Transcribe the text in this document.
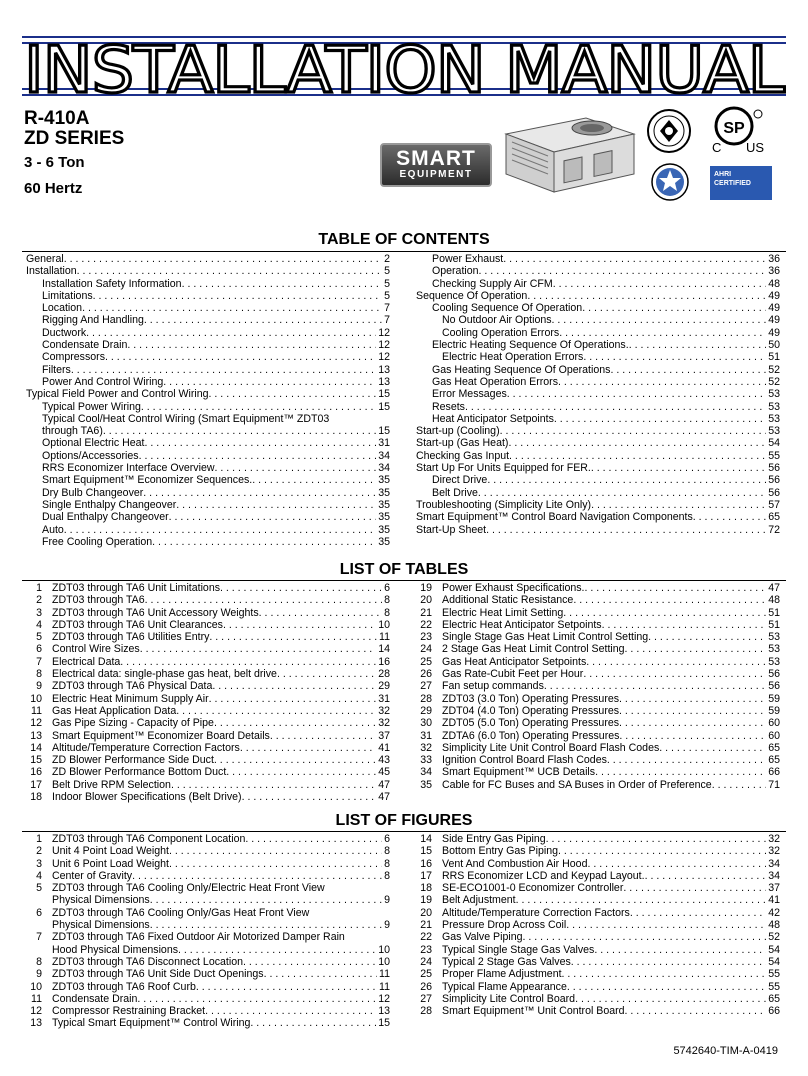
INSTALLATION MANUAL
R-410A
ZD SERIES
3 - 6 Ton
60 Hertz
SMART
EQUIPMENT
SP
C US
AHRI CERTIFIED
TABLE OF CONTENTS
General . . .	2
Installation . . .	5
Installation Safety Information . . .	5
Limitations . . .	5
Location . . .	7
Rigging And Handling . . .	7
Ductwork . . .	12
Condensate Drain . . .	12
Compressors . . .	12
Filters . . .	13
Power And Control Wiring . . .	13
Typical Field Power and Control Wiring . . .	15
Typical Power Wiring . . .	15
Typical Cool/Heat Control Wiring (Smart Equipment™ ZDT03
through TA6) . . .	15
Optional Electric Heat . . .	31
Options/Accessories . . .	34
RRS Economizer Interface Overview . . .	34
Smart Equipment™ Economizer Sequences. . . .	35
Dry Bulb Changeover . . .	35
Single Enthalpy Changeover . . .	35
Dual Enthalpy Changeover . . .	35
Auto . . .	35
Free Cooling Operation . . .	35
Power Exhaust . . .	36
Operation . . .	36
Checking Supply Air CFM . . .	48
Sequence Of Operation . . .	49
Cooling Sequence Of Operation . . .	49
No Outdoor Air Options . . .	49
Cooling Operation Errors . . .	49
Electric Heating Sequence Of Operations. . . .	50
Electric Heat Operation Errors . . .	51
Gas Heating Sequence Of Operations . . .	52
Gas Heat Operation Errors . . .	52
Error Messages . . .	53
Resets . . .	53
Heat Anticipator Setpoints . . .	53
Start-up (Cooling) . . .	53
Start-up (Gas Heat) . . .	54
Checking Gas Input . . .	55
Start Up For Units Equipped for FER. . . .	56
Direct Drive . . .	56
Belt Drive . . .	56
Troubleshooting (Simplicity Lite Only) . . .	57
Smart Equipment™ Control Board Navigation Components . . .	65
Start-Up Sheet . . .	72
LIST OF TABLES
1 ZDT03 through TA6 Unit Limitations . . .	6
2 ZDT03 through TA6 . . .	8
3 ZDT03 through TA6 Unit Accessory Weights . . .	8
4 ZDT03 through TA6 Unit Clearances . . .	10
5 ZDT03 through TA6 Utilities Entry . . .	11
6 Control Wire Sizes . . .	14
7 Electrical Data . . .	16
8 Electrical data: single-phase gas heat, belt drive . . .	28
9 ZDT03 through TA6 Physical Data . . .	29
10 Electric Heat Minimum Supply Air . . .	31
11 Gas Heat Application Data . . .	32
12 Gas Pipe Sizing - Capacity of Pipe . . .	32
13 Smart Equipment™ Economizer Board Details . . .	37
14 Altitude/Temperature Correction Factors . . .	41
15 ZD Blower Performance Side Duct . . .	43
16 ZD Blower Performance Bottom Duct . . .	45
17 Belt Drive RPM Selection . . .	47
18 Indoor Blower Specifications (Belt Drive) . . .	47
19 Power Exhaust Specifications. . . .	47
20 Additional Static Resistance . . .	48
21 Electric Heat Limit Setting . . .	51
22 Electric Heat Anticipator Setpoints . . .	51
23 Single Stage Gas Heat Limit Control Setting . . .	53
24 2 Stage Gas Heat Limit Control Setting . . .	53
25 Gas Heat Anticipator Setpoints . . .	53
26 Gas Rate-Cubit Feet per Hour . . .	56
27 Fan setup commands . . .	56
28 ZDT03 (3.0 Ton) Operating Pressures . . .	59
29 ZDT04 (4.0 Ton) Operating Pressures . . .	59
30 ZDT05 (5.0 Ton) Operating Pressures . . .	60
31 ZDTA6 (6.0 Ton) Operating Pressures . . .	60
32 Simplicity Lite Unit Control Board Flash Codes . . .	65
33 Ignition Control Board Flash Codes . . .	65
34 Smart Equipment™ UCB Details . . .	66
35 Cable for FC Buses and SA Buses in Order of Preference . . .	71
LIST OF FIGURES
1 ZDT03 through TA6 Component Location . . .	6
2 Unit 4 Point Load Weight . . .	8
3 Unit 6 Point Load Weight . . .	8
4 Center of Gravity . . .	8
5 ZDT03 through TA6 Cooling Only/Electric Heat Front View
Physical Dimensions . . .	9
6 ZDT03 through TA6 Cooling Only/Gas Heat Front View
Physical Dimensions . . .	9
7 ZDT03 through TA6 Fixed Outdoor Air Motorized Damper Rain
Hood Physical Dimensions . . .	10
8 ZDT03 through TA6 Disconnect Location . . .	10
9 ZDT03 through TA6 Unit Side Duct Openings . . .	11
10 ZDT03 through TA6 Roof Curb . . .	11
11 Condensate Drain . . .	12
12 Compressor Restraining Bracket . . .	13
13 Typical Smart Equipment™ Control Wiring . . .	15
14 Side Entry Gas Piping . . .	32
15 Bottom Entry Gas Piping . . .	32
16 Vent And Combustion Air Hood . . .	34
17 RRS Economizer LCD and Keypad Layout. . . .	34
18 SE-ECO1001-0 Economizer Controller . . .	37
19 Belt Adjustment . . .	41
20 Altitude/Temperature Correction Factors . . .	42
21 Pressure Drop Across Coil . . .	48
22 Gas Valve Piping . . .	52
23 Typical Single Stage Gas Valves . . .	54
24 Typical 2 Stage Gas Valves . . .	54
25 Proper Flame Adjustment . . .	55
26 Typical Flame Appearance . . .	55
27 Simplicity Lite Control Board . . .	65
28 Smart Equipment™ Unit Control Board . . .	66
5742640-TIM-A-0419
